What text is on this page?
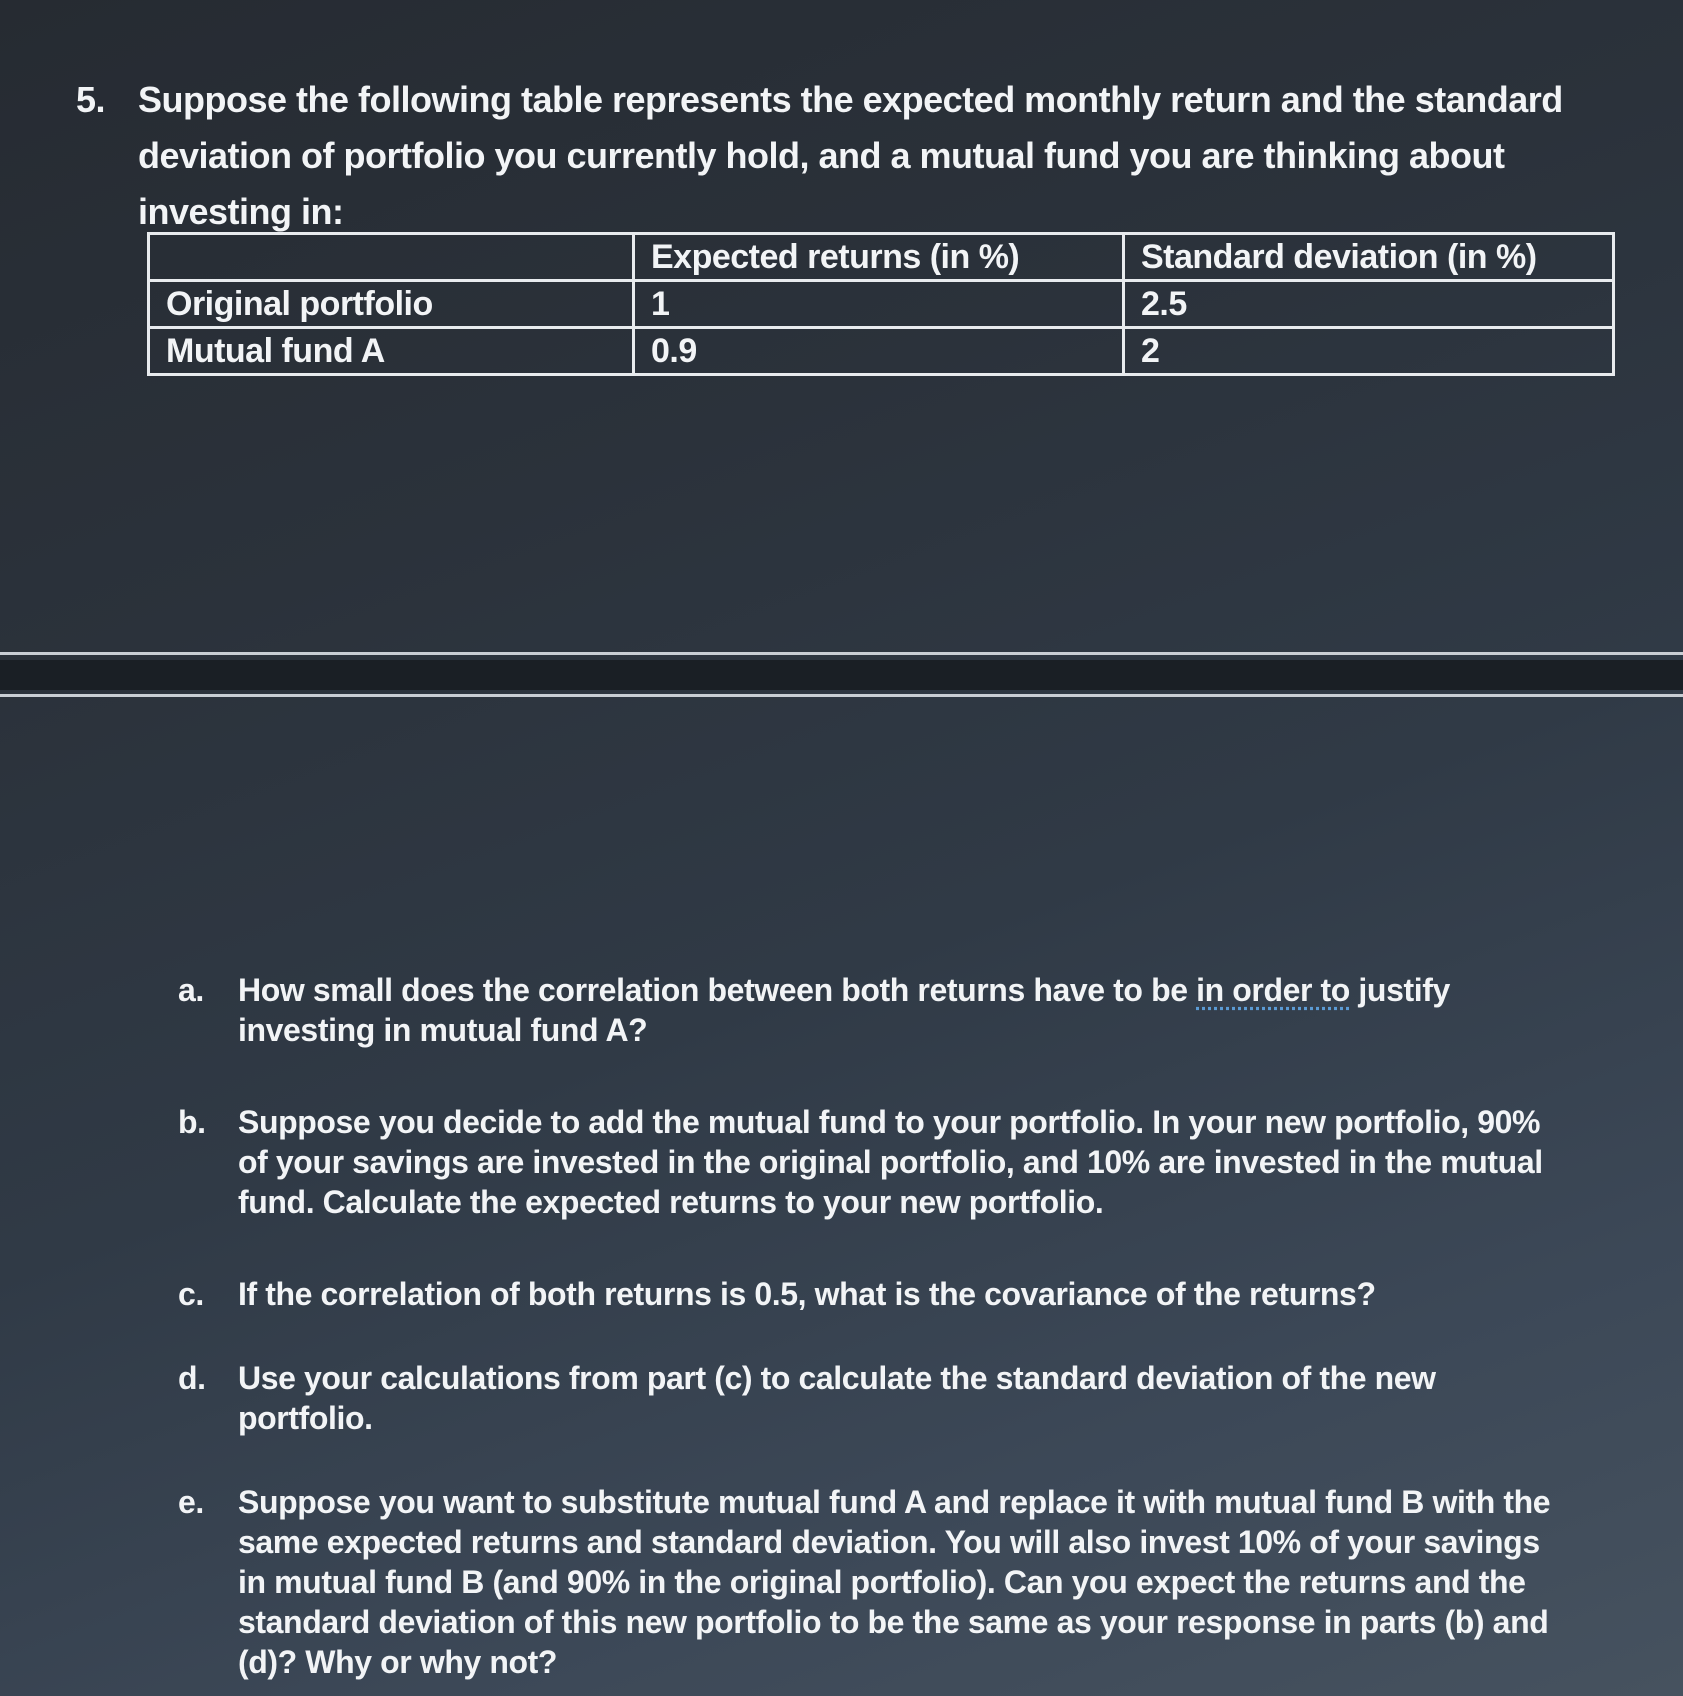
5. Suppose the following table represents the expected monthly return and the standard deviation of portfolio you currently hold, and a mutual fund you are thinking about investing in:
	Expected returns (in %)	Standard deviation (in %)
Original portfolio	1	2.5
Mutual fund A	0.9	2
a.	How small does the correlation between both returns have to be in order to justify investing in mutual fund A?
b.	Suppose you decide to add the mutual fund to your portfolio. In your new portfolio, 90% of your savings are invested in the original portfolio, and 10% are invested in the mutual fund. Calculate the expected returns to your new portfolio.
c.	If the correlation of both returns is 0.5, what is the covariance of the returns?
d.	Use your calculations from part (c) to calculate the standard deviation of the new portfolio.
e.	Suppose you want to substitute mutual fund A and replace it with mutual fund B with the same expected returns and standard deviation. You will also invest 10% of your savings in mutual fund B (and 90% in the original portfolio). Can you expect the returns and the standard deviation of this new portfolio to be the same as your response in parts (b) and (d)? Why or why not?
